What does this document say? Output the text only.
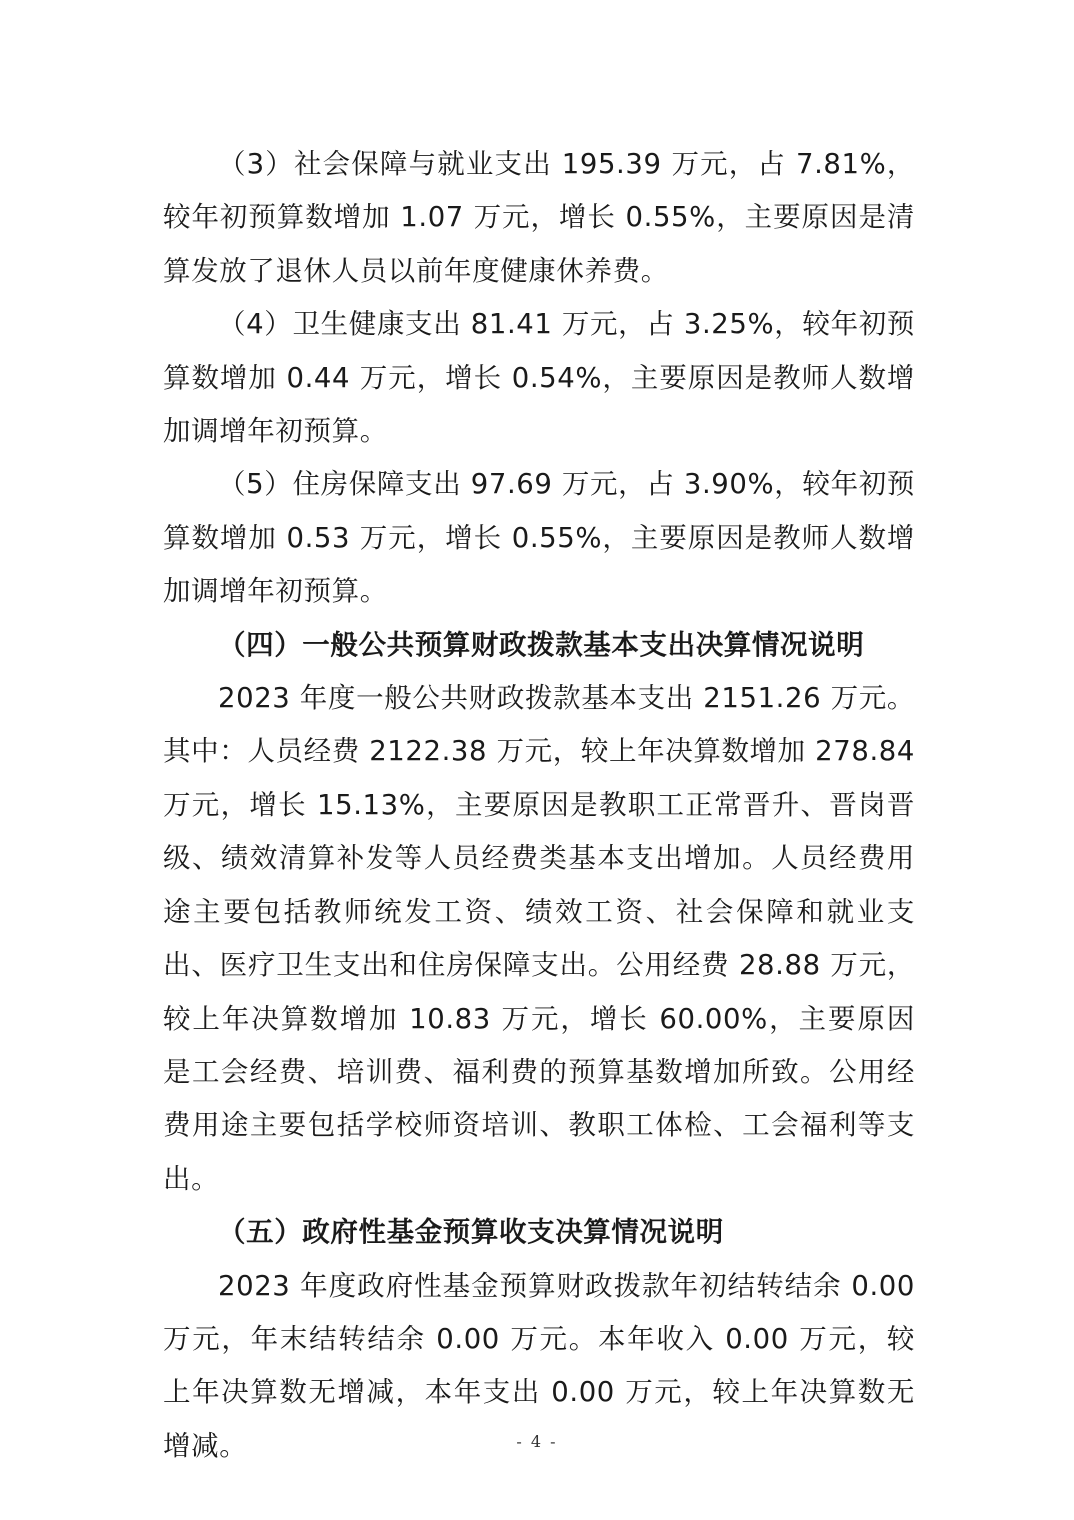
（3）社会保障与就业支出 195.39 万元，占 7.81%，较年初预算数增加 1.07 万元，增长 0.55%，主要原因是清算发放了退休人员以前年度健康休养费。

（4）卫生健康支出 81.41 万元，占 3.25%，较年初预算数增加 0.44 万元，增长 0.54%，主要原因是教师人数增加调增年初预算。

（5）住房保障支出 97.69 万元，占 3.90%，较年初预算数增加 0.53 万元，增长 0.55%，主要原因是教师人数增加调增年初预算。

（四）一般公共预算财政拨款基本支出决算情况说明

2023 年度一般公共财政拨款基本支出 2151.26 万元。其中：人员经费 2122.38 万元，较上年决算数增加 278.84 万元，增长 15.13%，主要原因是教职工正常晋升、晋岗晋级、绩效清算补发等人员经费类基本支出增加。人员经费用途主要包括教师统发工资、绩效工资、社会保障和就业支出、医疗卫生支出和住房保障支出。公用经费 28.88 万元，较上年决算数增加 10.83 万元，增长 60.00%，主要原因是工会经费、培训费、福利费的预算基数增加所致。公用经费用途主要包括学校师资培训、教职工体检、工会福利等支出。

（五）政府性基金预算收支决算情况说明

2023 年度政府性基金预算财政拨款年初结转结余 0.00 万元，年末结转结余 0.00 万元。本年收入 0.00 万元，较上年决算数无增减，本年支出 0.00 万元，较上年决算数无增减。	- 4 -
